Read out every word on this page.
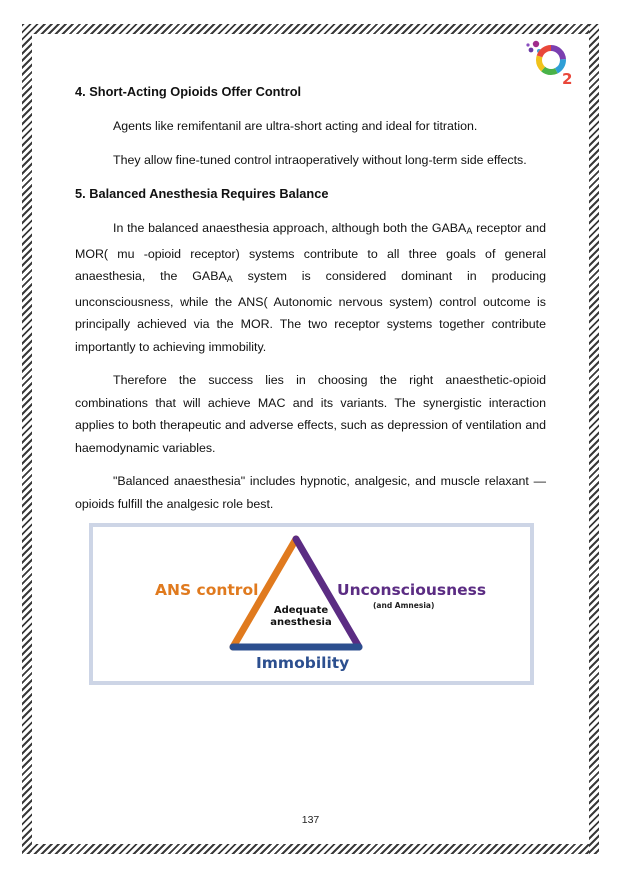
2

4. Short-Acting Opioids Offer Control

Agents like remifentanil are ultra-short acting and ideal for titration.

They allow fine-tuned control intraoperatively without long-term side effects.

5. Balanced Anesthesia Requires Balance

In the balanced anaesthesia approach, although both the $GABA_A$ receptor and MOR( mu -opioid receptor) systems contribute to all three goals of general anaesthesia, the $GABA_A$ system is considered dominant in producing unconsciousness, while the ANS( Autonomic nervous system) control outcome is principally achieved via the MOR. The two receptor systems together contribute importantly to achieving immobility.

Therefore the success lies in choosing the right anaesthetic-opioid combinations that will achieve MAC and its variants. The synergistic interaction applies to both therapeutic and adverse effects, such as depression of ventilation and haemodynamic variables.

"Balanced anaesthesia" includes hypnotic, analgesic, and muscle relaxant — opioids fulfill the analgesic role best.

ANS control	Unconsciousness
(and Amnesia)
Adequate anesthesia
Immobility
137
